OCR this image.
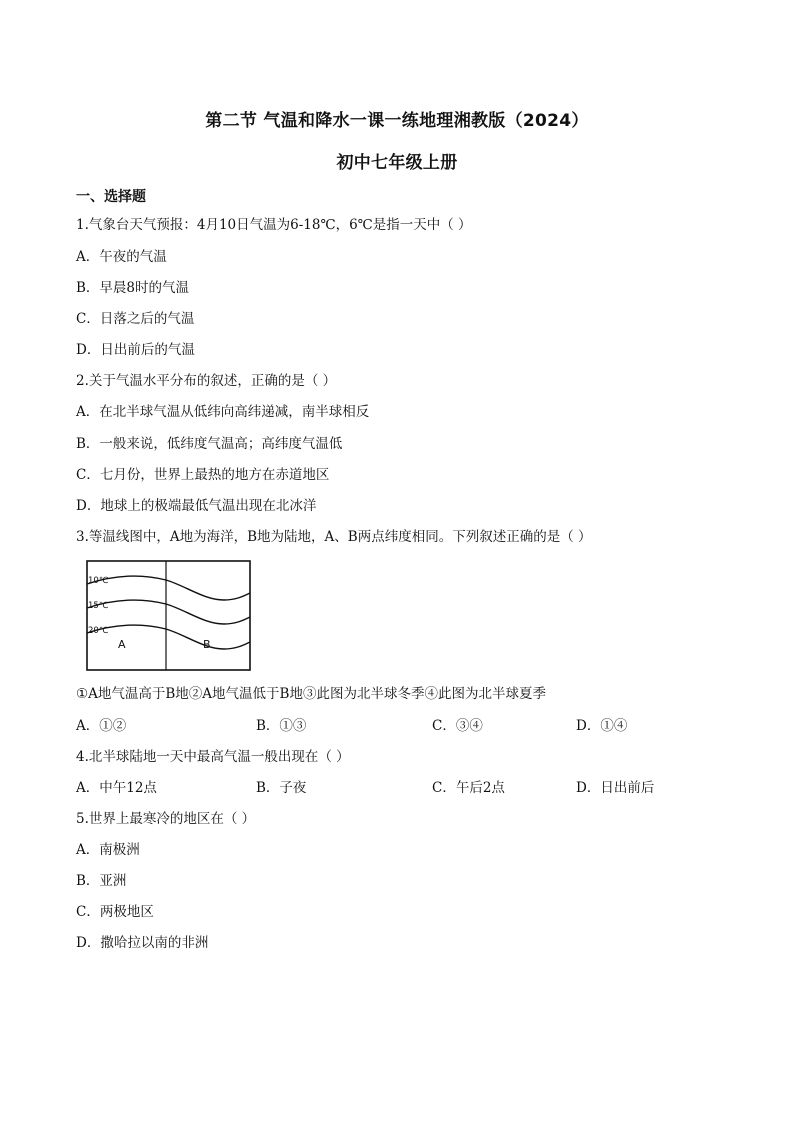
第二节 气温和降水一课一练地理湘教版（2024）
初中七年级上册
一、选择题
1.气象台天气预报：4月10日气温为6-18℃，6℃是指一天中（ ）
A．午夜的气温
B．早晨8时的气温
C．日落之后的气温
D．日出前后的气温
2.关于气温水平分布的叙述，正确的是（ ）
A．在北半球气温从低纬向高纬递减，南半球相反
B．一般来说，低纬度气温高；高纬度气温低
C．七月份，世界上最热的地方在赤道地区
D．地球上的极端最低气温出现在北冰洋
3.等温线图中，A地为海洋，B地为陆地，A、B两点纬度相同。下列叙述正确的是（ ）
10℃
15℃
20℃
A	B
①A地气温高于B地②A地气温低于B地③此图为北半球冬季④此图为北半球夏季
A．①②	B．①③	C．③④	D．①④
4.北半球陆地一天中最高气温一般出现在（ ）
A．中午12点	B．子夜	C．午后2点	D．日出前后
5.世界上最寒冷的地区在（ ）
A．南极洲
B．亚洲
C．两极地区
D．撒哈拉以南的非洲
